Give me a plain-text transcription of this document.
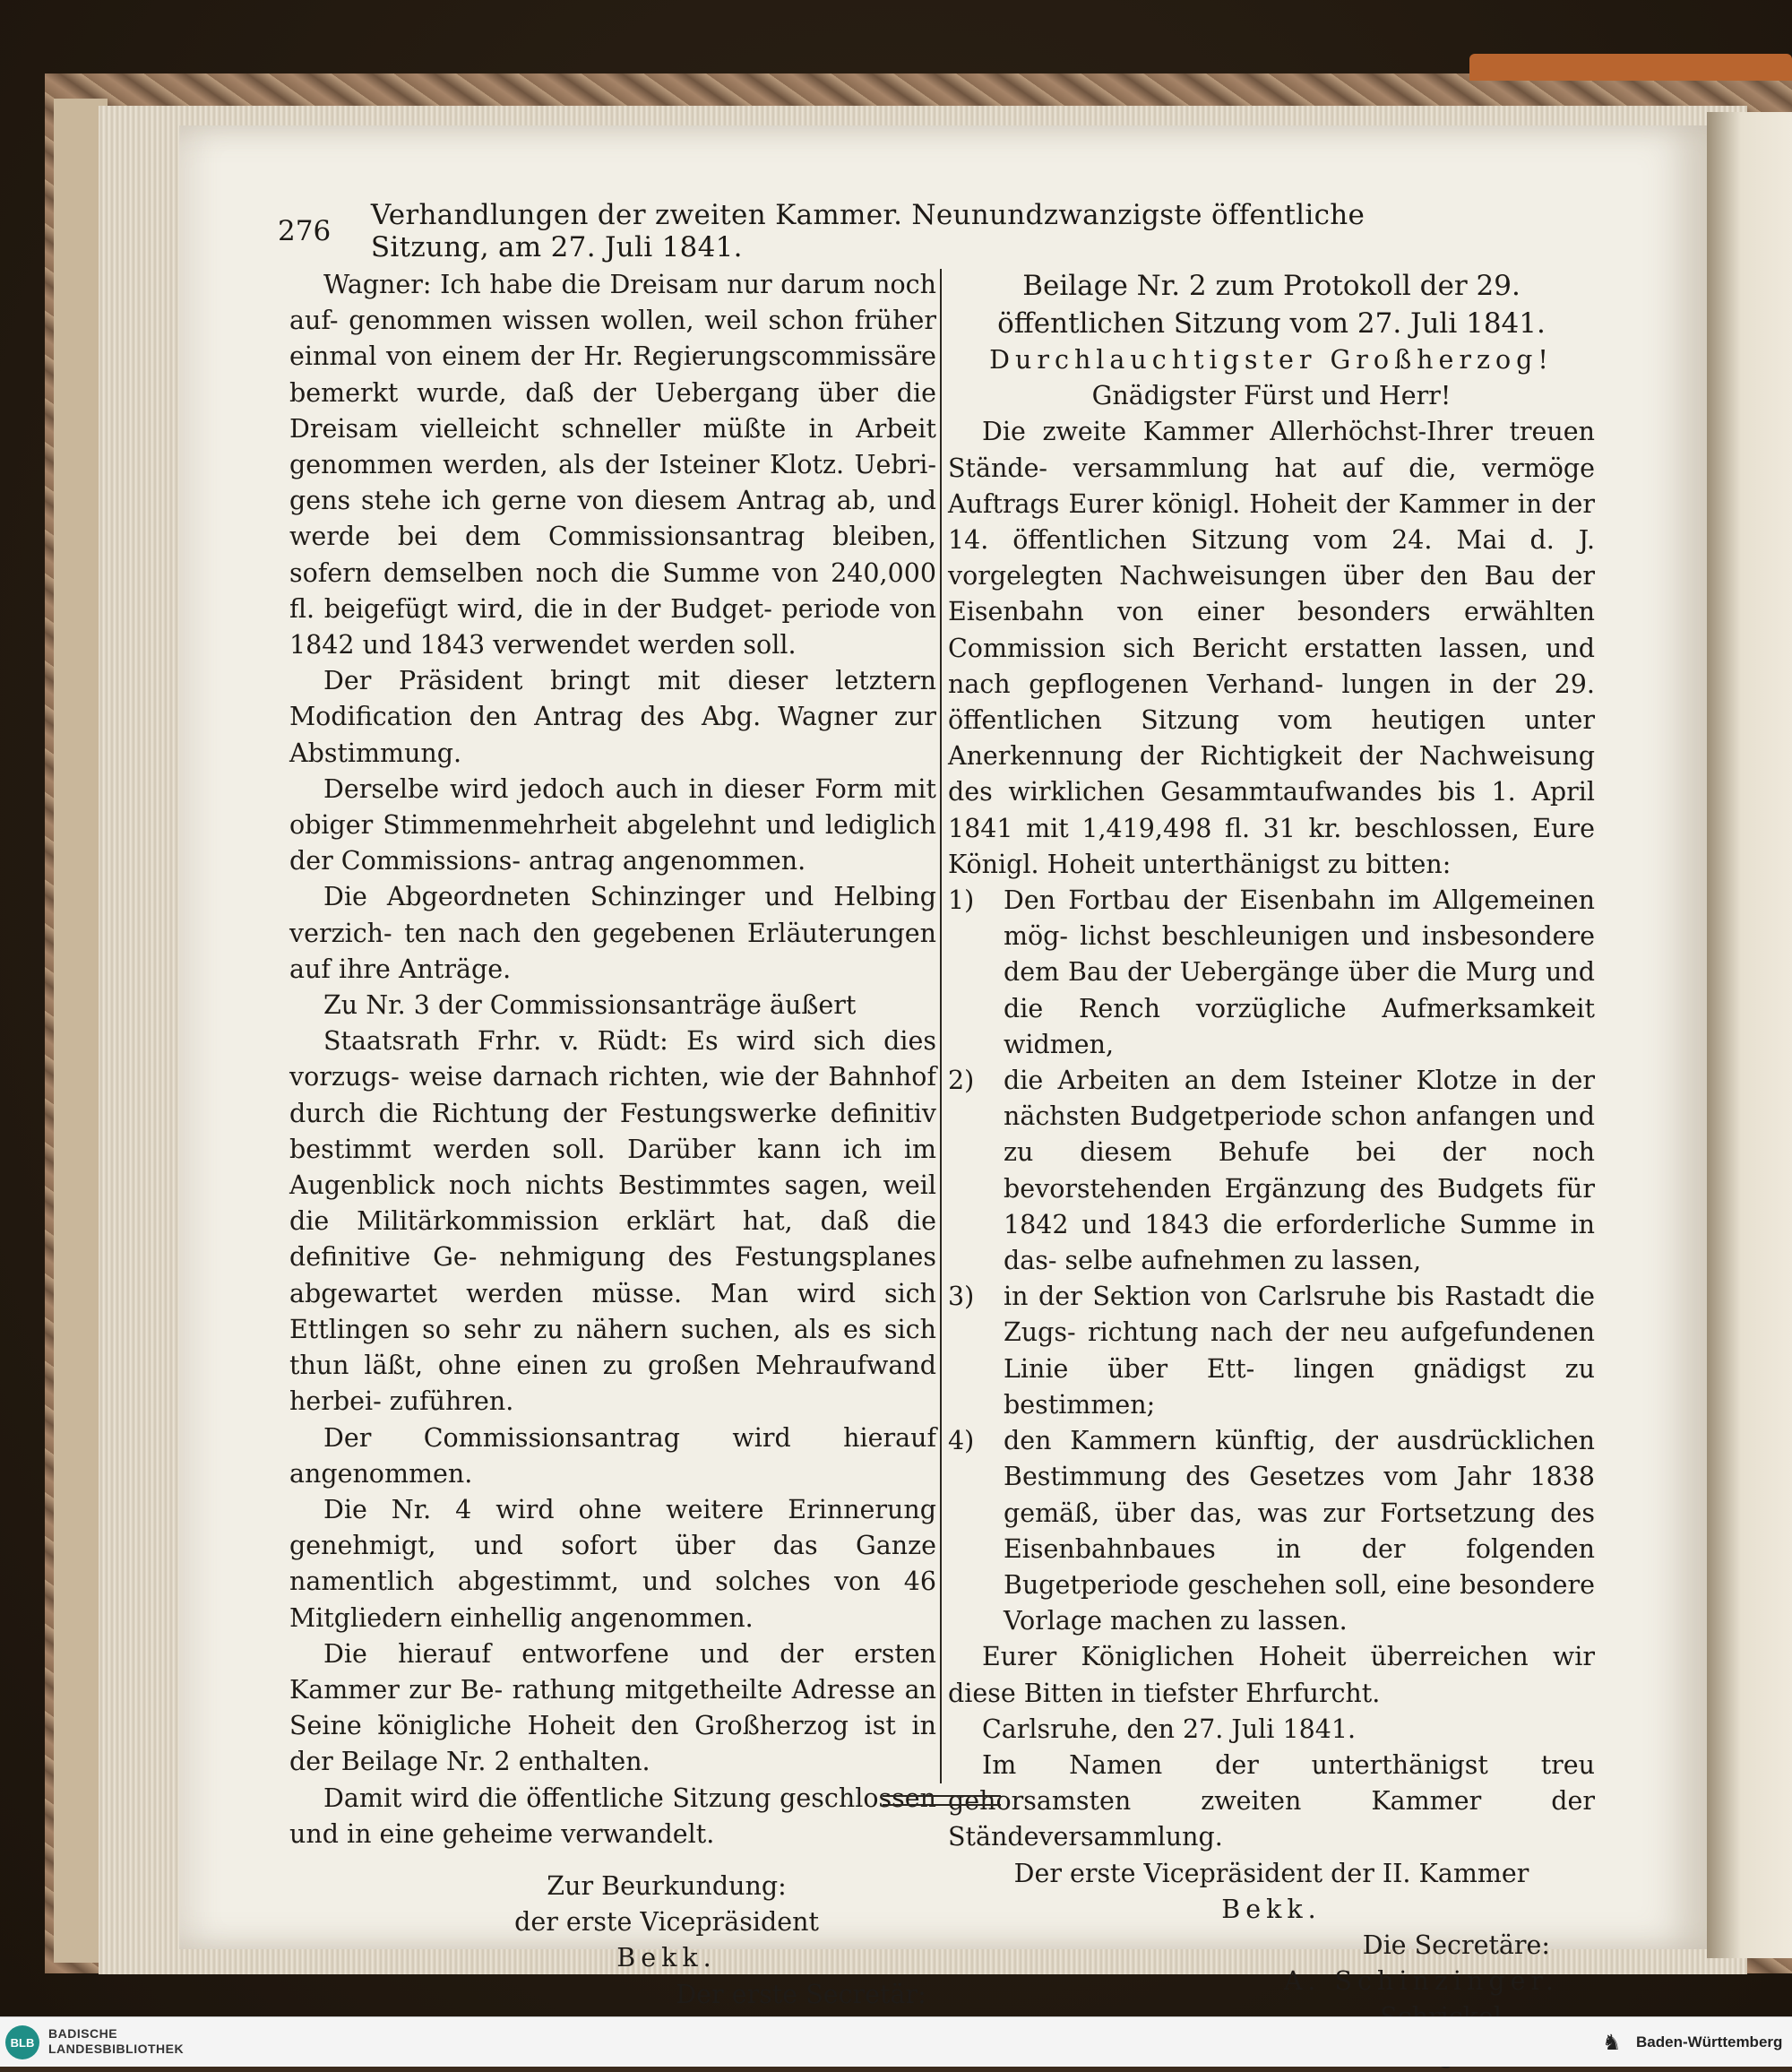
276	Verhandlungen der zweiten Kammer. Neunundzwanzigste öffentliche Sitzung, am 27. Juli 1841.

Wagner: Ich habe die Dreisam nur darum noch auf- genommen wissen wollen, weil schon früher einmal von einem der Hr. Regierungscommissäre bemerkt wurde, daß der Uebergang über die Dreisam vielleicht schneller müßte in Arbeit genommen werden, als der Isteiner Klotz. Uebri- gens stehe ich gerne von diesem Antrag ab, und werde bei dem Commissionsantrag bleiben, sofern demselben noch die Summe von 240,000 fl. beigefügt wird, die in der Budget- periode von 1842 und 1843 verwendet werden soll.

Der Präsident bringt mit dieser letztern Modification den Antrag des Abg. Wagner zur Abstimmung.

Derselbe wird jedoch auch in dieser Form mit obiger Stimmenmehrheit abgelehnt und lediglich der Commissions- antrag angenommen.

Die Abgeordneten Schinzinger und Helbing verzich- ten nach den gegebenen Erläuterungen auf ihre Anträge.

Zu Nr. 3 der Commissionsanträge äußert

Staatsrath Frhr. v. Rüdt: Es wird sich dies vorzugs- weise darnach richten, wie der Bahnhof durch die Richtung der Festungswerke definitiv bestimmt werden soll. Darüber kann ich im Augenblick noch nichts Bestimmtes sagen, weil die Militärkommission erklärt hat, daß die definitive Ge- nehmigung des Festungsplanes abgewartet werden müsse. Man wird sich Ettlingen so sehr zu nähern suchen, als es sich thun läßt, ohne einen zu großen Mehraufwand herbei- zuführen.

Der Commissionsantrag wird hierauf angenommen.

Die Nr. 4 wird ohne weitere Erinnerung genehmigt, und sofort über das Ganze namentlich abgestimmt, und solches von 46 Mitgliedern einhellig angenommen.

Die hierauf entworfene und der ersten Kammer zur Be- rathung mitgetheilte Adresse an Seine königliche Hoheit den Großherzog ist in der Beilage Nr. 2 enthalten.

Damit wird die öffentliche Sitzung geschlossen und in eine geheime verwandelt.

Zur Beurkundung:
der erste Vicepräsident
Bekk.
Der erste Secretär:

Beilage Nr. 2 zum Protokoll der 29. öffentlichen Sitzung vom 27. Juli 1841.

Durchlauchtigster Großherzog!

Gnädigster Fürst und Herr!

Die zweite Kammer Allerhöchst-Ihrer treuen Stände- versammlung hat auf die, vermöge Auftrags Eurer königl. Hoheit der Kammer in der 14. öffentlichen Sitzung vom 24. Mai d. J. vorgelegten Nachweisungen über den Bau der Eisenbahn von einer besonders erwählten Commission sich Bericht erstatten lassen, und nach gepflogenen Verhand- lungen in der 29. öffentlichen Sitzung vom heutigen unter Anerkennung der Richtigkeit der Nachweisung des wirklichen Gesammtaufwandes bis 1. April 1841 mit 1,419,498 fl. 31 kr. beschlossen, Eure Königl. Hoheit unterthänigst zu bitten:

1)	Den Fortbau der Eisenbahn im Allgemeinen mög- lichst beschleunigen und insbesondere dem Bau der Uebergänge über die Murg und die Rench vorzügliche Aufmerksamkeit widmen,
2)	die Arbeiten an dem Isteiner Klotze in der nächsten Budgetperiode schon anfangen und zu diesem Behufe bei der noch bevorstehenden Ergänzung des Budgets für 1842 und 1843 die erforderliche Summe in das- selbe aufnehmen zu lassen,
3)	in der Sektion von Carlsruhe bis Rastadt die Zugs- richtung nach der neu aufgefundenen Linie über Ett- lingen gnädigst zu bestimmen;
4)	den Kammern künftig, der ausdrücklichen Bestimmung des Gesetzes vom Jahr 1838 gemäß, über das, was zur Fortsetzung des Eisenbahnbaues in der folgenden Bugetperiode geschehen soll, eine besondere Vorlage machen zu lassen.

Eurer Königlichen Hoheit überreichen wir diese Bitten in tiefster Ehrfurcht.

Carlsruhe, den 27. Juli 1841.

Im Namen der unterthänigst treu gehorsamsten zweiten Kammer der Ständeversammlung.

Der erste Vicepräsident der II. Kammer

Bekk.

Die Secretäre:
A. Schinzinger.
BLB
BADISCHE
LANDESBIBLIOTHEK	♞ Baden-Württemberg
